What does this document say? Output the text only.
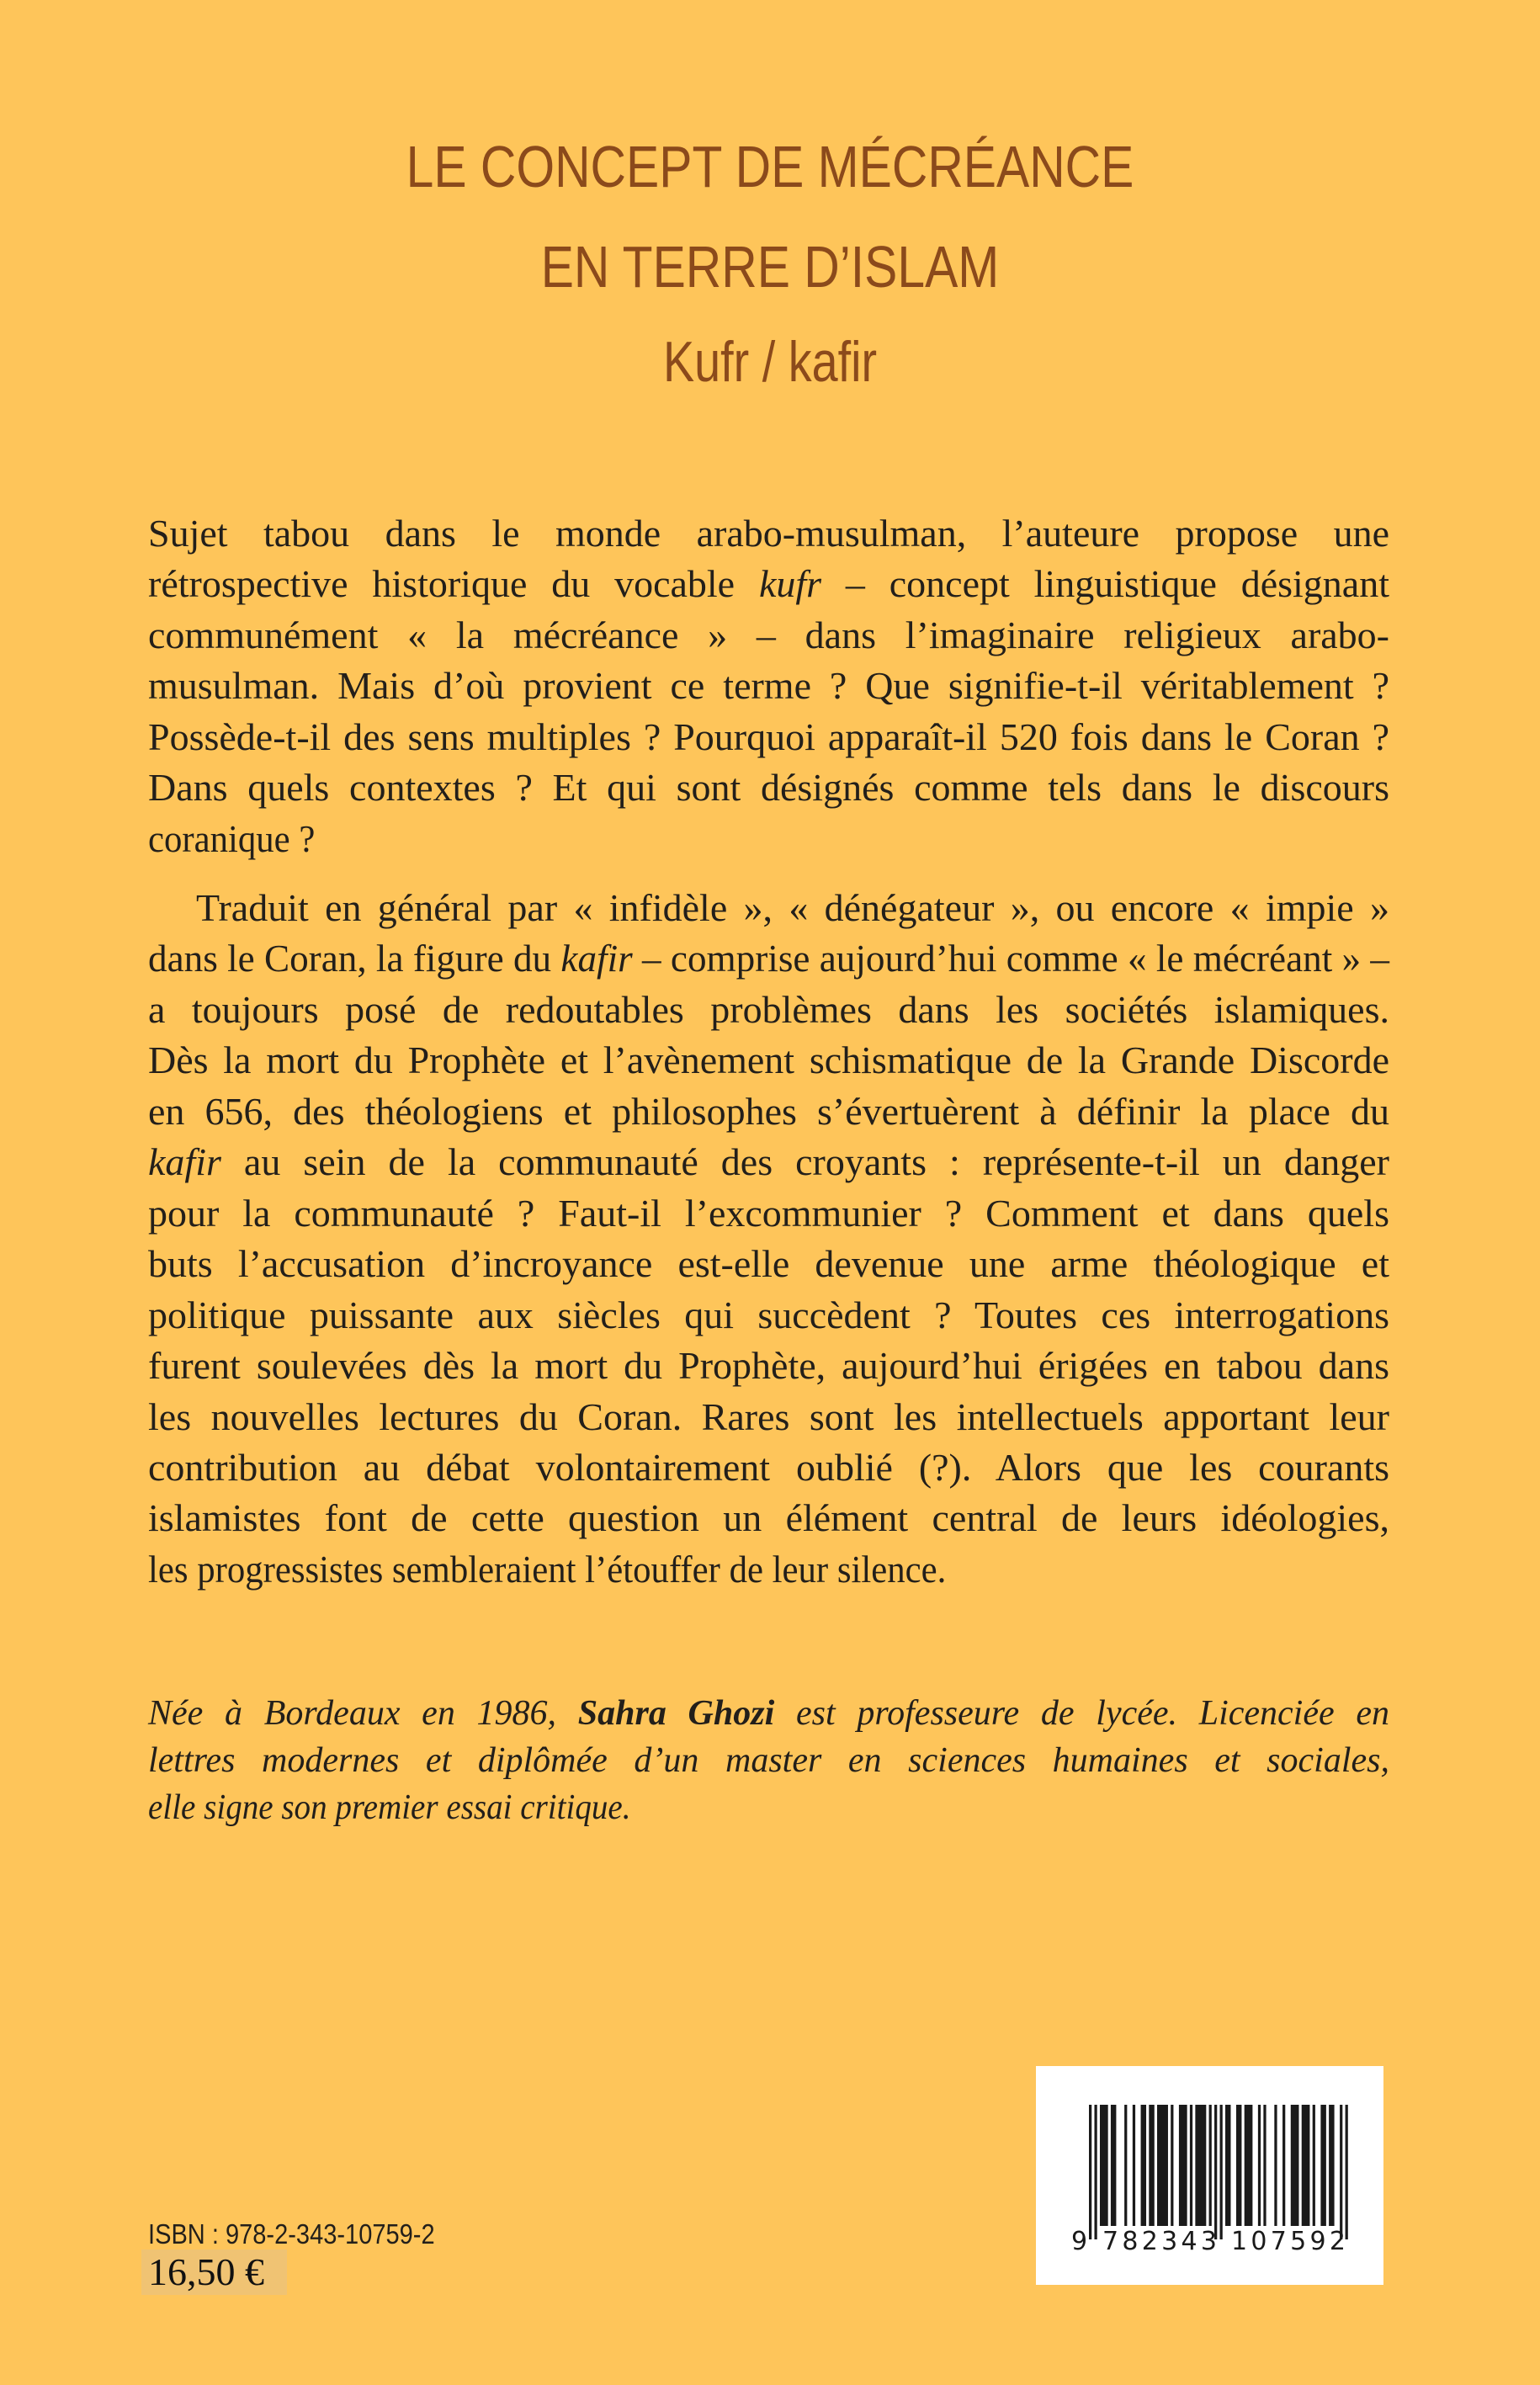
LE CONCEPT DE MÉCRÉANCE
EN TERRE D’ISLAM
Kufr / kafir
Sujet tabou dans le monde arabo-musulman, l’auteure propose une
rétrospective historique du vocable kufr – concept linguistique désignant
communément « la mécréance » – dans l’imaginaire religieux arabo-
musulman. Mais d’où provient ce terme ? Que signifie-t-il véritablement ?
Possède-t-il des sens multiples ? Pourquoi apparaît-il 520 fois dans le Coran ?
Dans quels contextes ? Et qui sont désignés comme tels dans le discours
coranique ?
Traduit en général par « infidèle », « dénégateur », ou encore « impie »
dans le Coran, la figure du kafir – comprise aujourd’hui comme « le mécréant » –
a toujours posé de redoutables problèmes dans les sociétés islamiques.
Dès la mort du Prophète et l’avènement schismatique de la Grande Discorde
en 656, des théologiens et philosophes s’évertuèrent à définir la place du
kafir au sein de la communauté des croyants : représente-t-il un danger
pour la communauté ? Faut-il l’excommunier ? Comment et dans quels
buts l’accusation d’incroyance est-elle devenue une arme théologique et
politique puissante aux siècles qui succèdent ? Toutes ces interrogations
furent soulevées dès la mort du Prophète, aujourd’hui érigées en tabou dans
les nouvelles lectures du Coran. Rares sont les intellectuels apportant leur
contribution au débat volontairement oublié (?). Alors que les courants
islamistes font de cette question un élément central de leurs idéologies,
les progressistes sembleraient l’étouffer de leur silence.
Née à Bordeaux en 1986, Sahra Ghozi est professeure de lycée. Licenciée en
lettres modernes et diplômée d’un master en sciences humaines et sociales,
elle signe son premier essai critique.
ISBN : 978-2-343-10759-2
16,50 €
9 782343 107592
